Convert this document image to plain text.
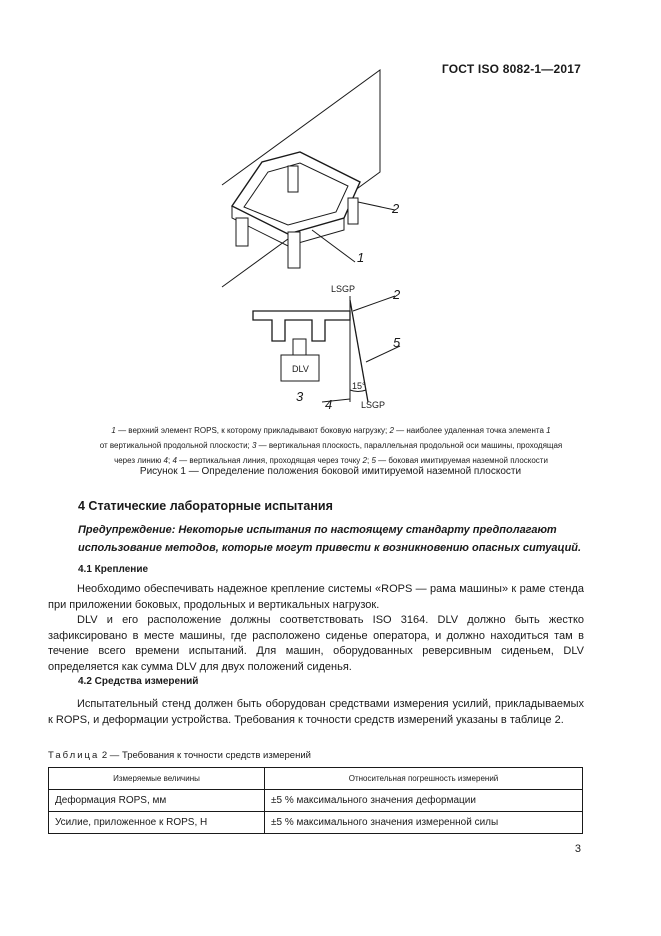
ГОСТ ISO 8082-1—2017
2
1
LSGP	2
5
DLV
3
15°
4	LSGP
1 — верхний элемент ROPS, к которому прикладывают боковую нагрузку; 2 — наиболее удаленная точка элемента 1
от вертикальной продольной плоскости; 3 — вертикальная плоскость, параллельная продольной оси машины, проходящая
через линию 4; 4 — вертикальная линия, проходящая через точку 2; 5 — боковая имитируемая наземной плоскости
Рисунок 1 — Определение положения боковой имитируемой наземной плоскости
4 Статические лабораторные испытания
Предупреждение: Некоторые испытания по настоящему стандарту предполагают использование методов, которые могут привести к возникновению опасных ситуаций.
4.1 Крепление

Необходимо обеспечивать надежное крепление системы «ROPS — рама машины» к раме стенда при приложении боковых, продольных и вертикальных нагрузок.

DLV и его расположение должны соответствовать ISO 3164. DLV должно быть жестко зафиксировано в месте машины, где расположено сиденье оператора, и должно находиться там в течение всего времени испытаний. Для машин, оборудованных реверсивным сиденьем, DLV определяется как сумма DLV для двух положений сиденья.

4.2 Средства измерений

Испытательный стенд должен быть оборудован средствами измерения усилий, прикладываемых к ROPS, и деформации устройства. Требования к точности средств измерений указаны в таблице 2.

Таблица 2 — Требования к точности средств измерений
Измеряемые величины	Относительная погрешность измерений
Деформация ROPS, мм	±5 % максимального значения деформации
Усилие, приложенное к ROPS, Н	±5 % максимального значения измеренной силы
3
